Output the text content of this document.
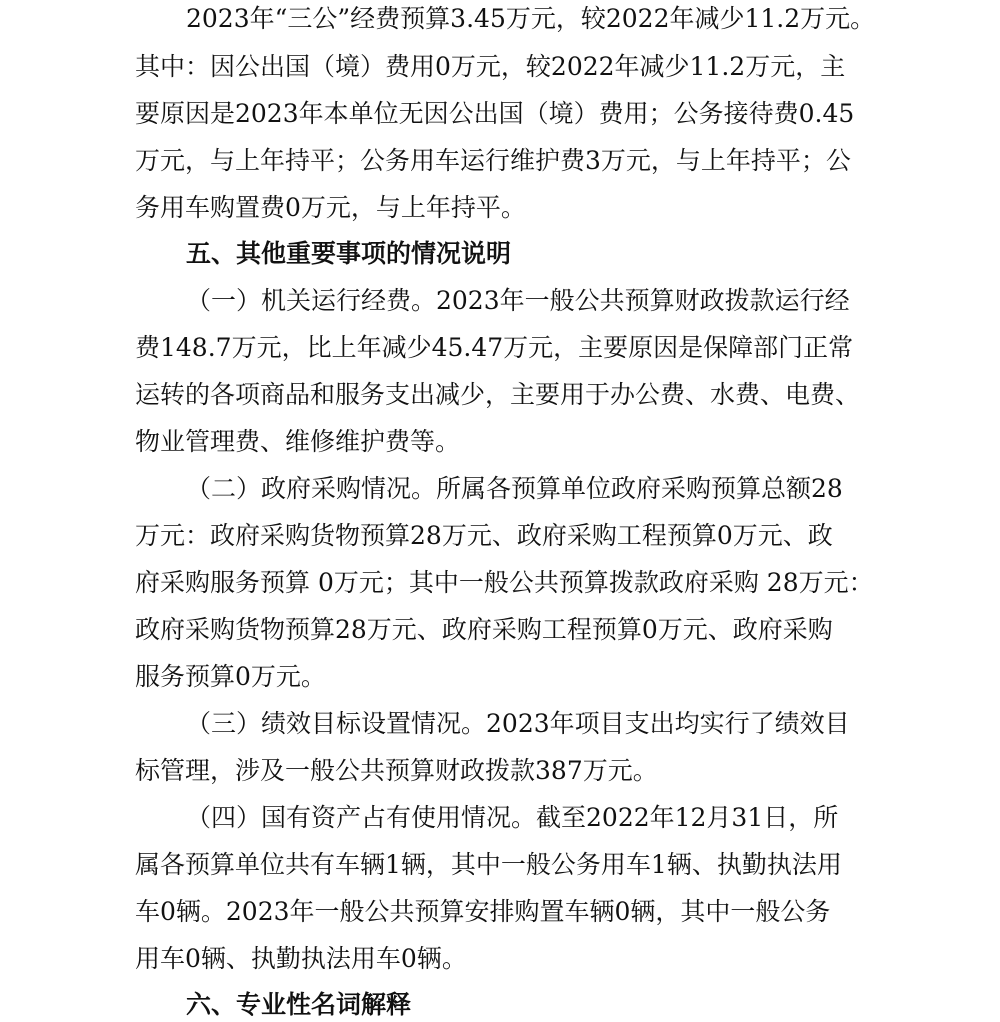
2023年“三公”经费预算3.45万元，较2022年减少11.2万元。

其中：因公出国（境）费用0万元，较2022年减少11.2万元，主

要原因是2023年本单位无因公出国（境）费用；公务接待费0.45

万元，与上年持平；公务用车运行维护费3万元，与上年持平；公

务用车购置费0万元，与上年持平。

五、其他重要事项的情况说明

（一）机关运行经费。2023年一般公共预算财政拨款运行经

费148.7万元，比上年减少45.47万元，主要原因是保障部门正常

运转的各项商品和服务支出减少，主要用于办公费、水费、电费、

物业管理费、维修维护费等。

（二）政府采购情况。所属各预算单位政府采购预算总额28

万元：政府采购货物预算28万元、政府采购工程预算0万元、政

府采购服务预算 0万元；其中一般公共预算拨款政府采购 28万元：

政府采购货物预算28万元、政府采购工程预算0万元、政府采购

服务预算0万元。

（三）绩效目标设置情况。2023年项目支出均实行了绩效目

标管理，涉及一般公共预算财政拨款387万元。

（四）国有资产占有使用情况。截至2022年12月31日，所

属各预算单位共有车辆1辆，其中一般公务用车1辆、执勤执法用

车0辆。2023年一般公共预算安排购置车辆0辆，其中一般公务

用车0辆、执勤执法用车0辆。

六、专业性名词解释
